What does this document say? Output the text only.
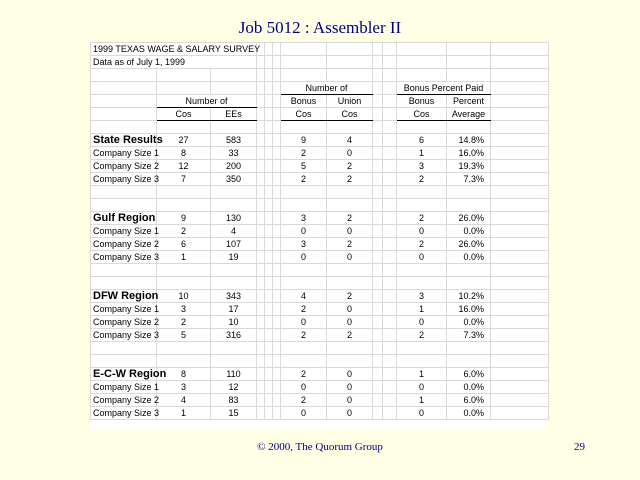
Job 5012 : Assembler II
1999 TEXAS WAGE & SALARY SURVEY												
Data as of July 1, 1999												

						Number of				Bonus Percent Paid		
	Number of					Bonus	Union			Bonus	Percent	
	Cos	EEs				Cos	Cos			Cos	Average	

State Results	27	583				9	4			6	14.8%	
Company Size 1	8	33				2	0			1	16.0%	
Company Size 2	12	200				5	2			3	19.3%	
Company Size 3	7	350				2	2			2	7.3%	

Gulf Region	9	130				3	2			2	26.0%	
Company Size 1	2	4				0	0			0	0.0%	
Company Size 2	6	107				3	2			2	26.0%	
Company Size 3	1	19				0	0			0	0.0%	

DFW Region	10	343				4	2			3	10.2%	
Company Size 1	3	17				2	0			1	16.0%	
Company Size 2	2	10				0	0			0	0.0%	
Company Size 3	5	316				2	2			2	7.3%	

E-C-W Region	8	110				2	0			1	6.0%	
Company Size 1	3	12				0	0			0	0.0%	
Company Size 2	4	83				2	0			1	6.0%	
Company Size 3	1	15				0	0			0	0.0%	
© 2000, The Quorum Group	29
